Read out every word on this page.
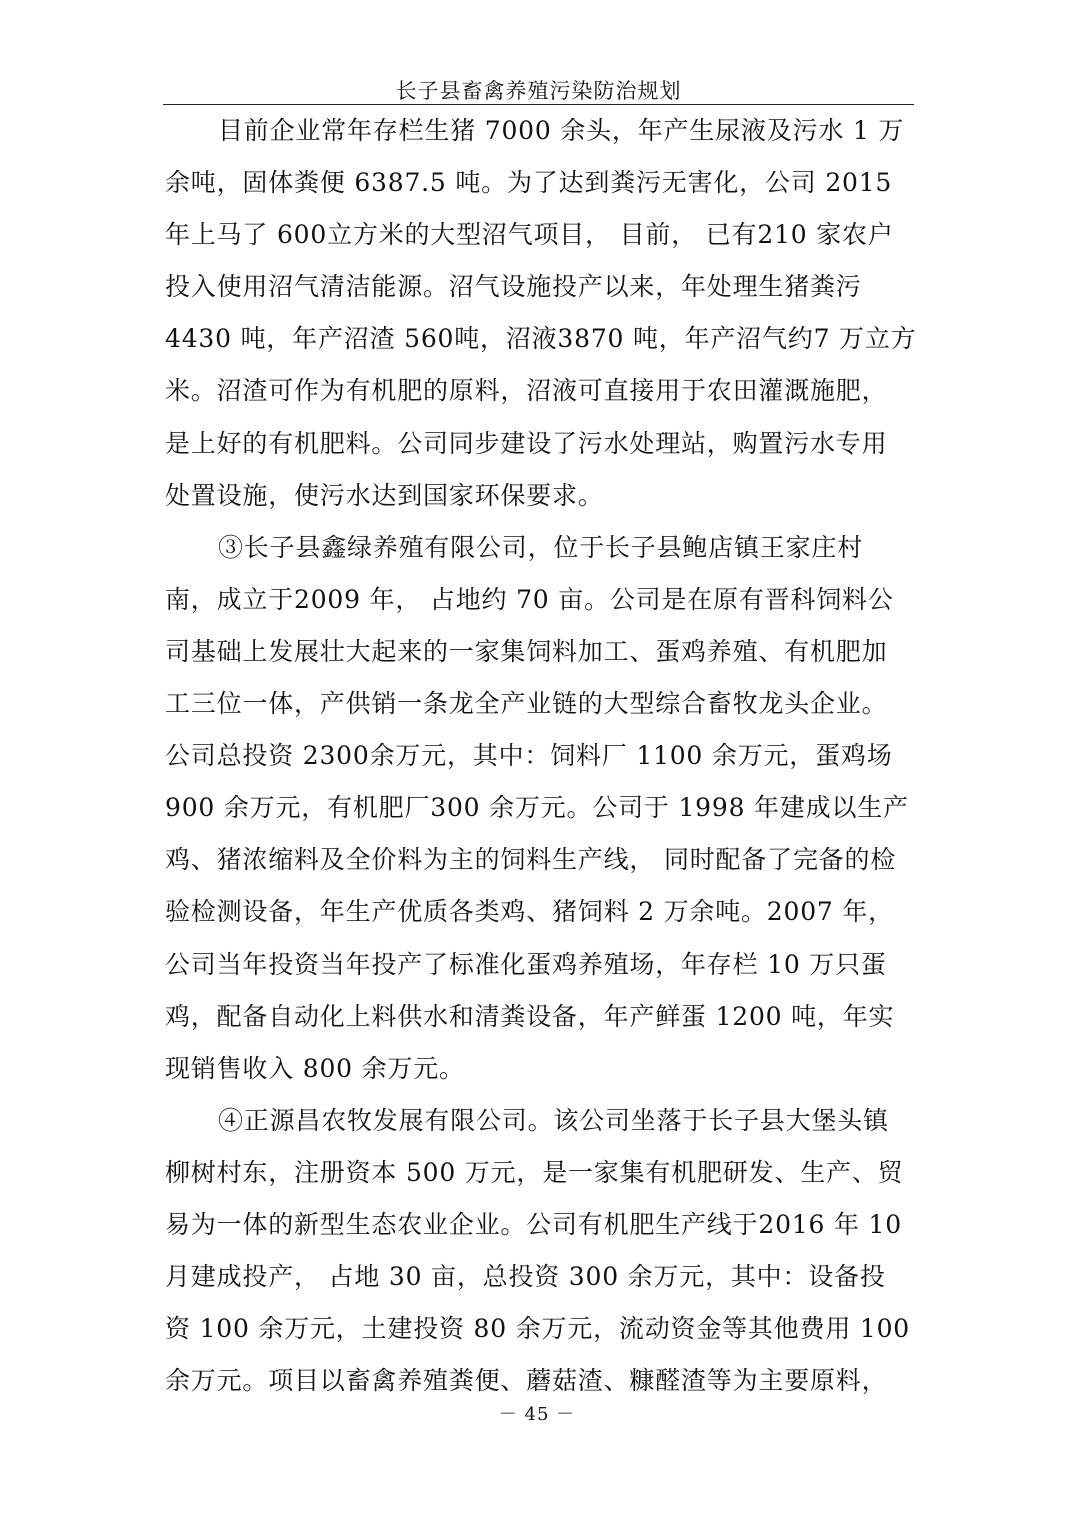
长子县畜禽养殖污染防治规划
目前企业常年存栏生猪 7000 余头，年产生尿液及污水 1 万
余吨，固体粪便 6387.5 吨。为了达到粪污无害化，公司 2015
年上马了 600立方米的大型沼气项目， 目前， 已有210 家农户
投入使用沼气清洁能源。沼气设施投产以来，年处理生猪粪污
4430 吨，年产沼渣 560吨，沼液3870 吨，年产沼气约7 万立方
米。沼渣可作为有机肥的原料，沼液可直接用于农田灌溉施肥，
是上好的有机肥料。公司同步建设了污水处理站，购置污水专用
处置设施，使污水达到国家环保要求。
③长子县鑫绿养殖有限公司，位于长子县鲍店镇王家庄村
南，成立于2009 年， 占地约 70 亩。公司是在原有晋科饲料公
司基础上发展壮大起来的一家集饲料加工、蛋鸡养殖、有机肥加
工三位一体，产供销一条龙全产业链的大型综合畜牧龙头企业。
公司总投资 2300余万元，其中：饲料厂 1100 余万元，蛋鸡场
900 余万元，有机肥厂300 余万元。公司于 1998 年建成以生产
鸡、猪浓缩料及全价料为主的饲料生产线， 同时配备了完备的检
验检测设备，年生产优质各类鸡、猪饲料 2 万余吨。2007 年，
公司当年投资当年投产了标准化蛋鸡养殖场，年存栏 10 万只蛋
鸡，配备自动化上料供水和清粪设备，年产鲜蛋 1200 吨，年实
现销售收入 800 余万元。
④正源昌农牧发展有限公司。该公司坐落于长子县大堡头镇
柳树村东，注册资本 500 万元，是一家集有机肥研发、生产、贸
易为一体的新型生态农业企业。公司有机肥生产线于2016 年 10
月建成投产， 占地 30 亩，总投资 300 余万元，其中：设备投
资 100 余万元，土建投资 80 余万元，流动资金等其他费用 100
余万元。项目以畜禽养殖粪便、蘑菇渣、糠醛渣等为主要原料，
－ 45 －
